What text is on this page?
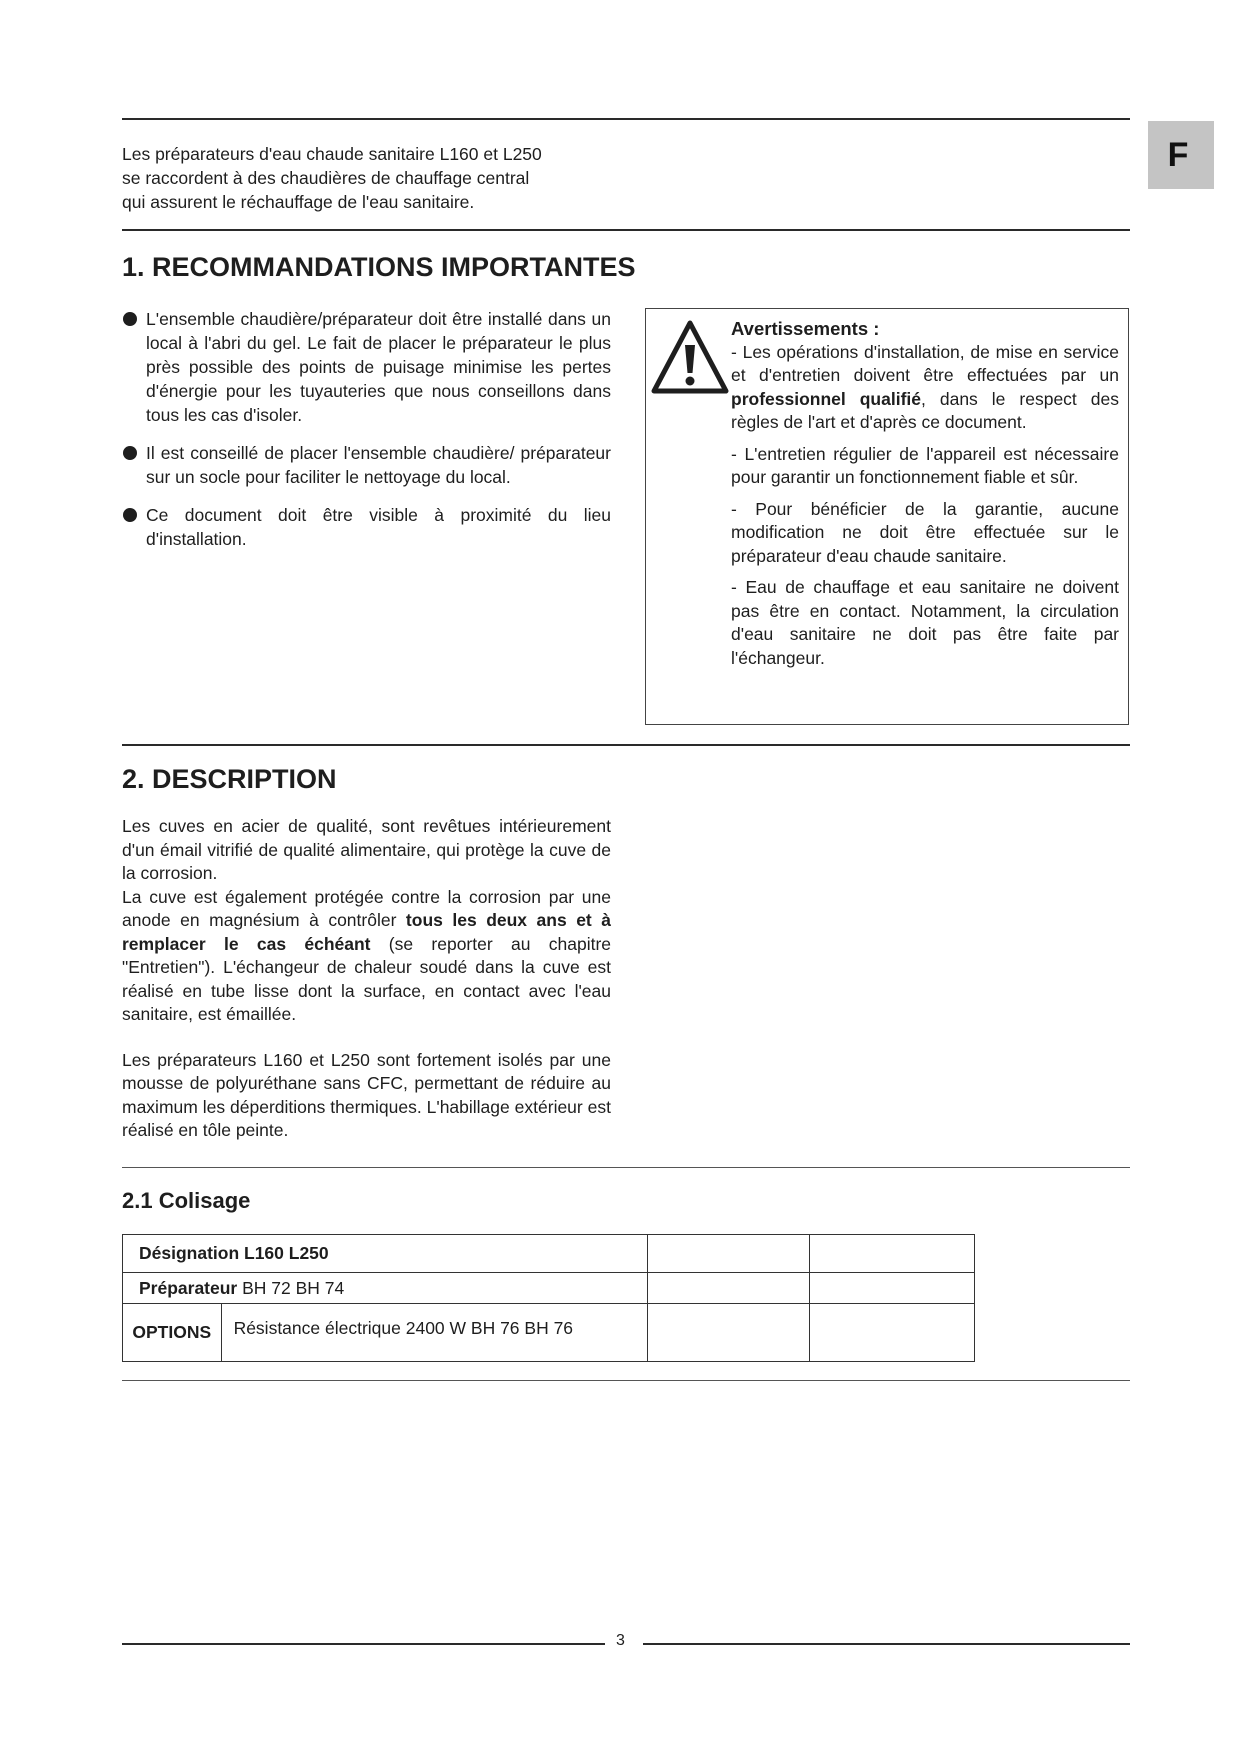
F
Les préparateurs d'eau chaude sanitaire L160 et L250
se raccordent à des chaudières de chauffage central
qui assurent le réchauffage de l'eau sanitaire.
1. RECOMMANDATIONS IMPORTANTES
L'ensemble chaudière/préparateur doit être installé dans un local à l'abri du gel. Le fait de placer le préparateur le plus près possible des points de puisage minimise les pertes d'énergie pour les tuyauteries que nous conseillons dans tous les cas d'isoler.
Il est conseillé de placer l'ensemble chaudière/ préparateur sur un socle pour faciliter le nettoyage du local.
Ce document doit être visible à proximité du lieu d'installation.
Avertissements :
- Les opérations d'installation, de mise en service et d'entretien doivent être effectuées par un professionnel qualifié, dans le respect des règles de l'art et d'après ce document.
- L'entretien régulier de l'appareil est nécessaire pour garantir un fonctionnement fiable et sûr.
- Pour bénéficier de la garantie, aucune modification ne doit être effectuée sur le préparateur d'eau chaude sanitaire.
- Eau de chauffage et eau sanitaire ne doivent pas être en contact. Notamment, la circulation d'eau sanitaire ne doit pas être faite par l'échangeur.
2. DESCRIPTION

Les cuves en acier de qualité, sont revêtues intérieurement d'un émail vitrifié de qualité alimentaire, qui protège la cuve de la corrosion.

La cuve est également protégée contre la corrosion par une anode en magnésium à contrôler tous les deux ans et à remplacer le cas échéant (se reporter au chapitre "Entretien"). L'échangeur de chaleur soudé dans la cuve est réalisé en tube lisse dont la surface, en contact avec l'eau sanitaire, est émaillée.

Les préparateurs L160 et L250 sont fortement isolés par une mousse de polyuréthane sans CFC, permettant de réduire au maximum les déperditions thermiques. L'habillage extérieur est réalisé en tôle peinte.

2.1 Colisage
Désignation L160 L250			
Préparateur BH 72 BH 74			
OPTIONS	Résistance électrique 2400 W BH 76 BH 76		
3
